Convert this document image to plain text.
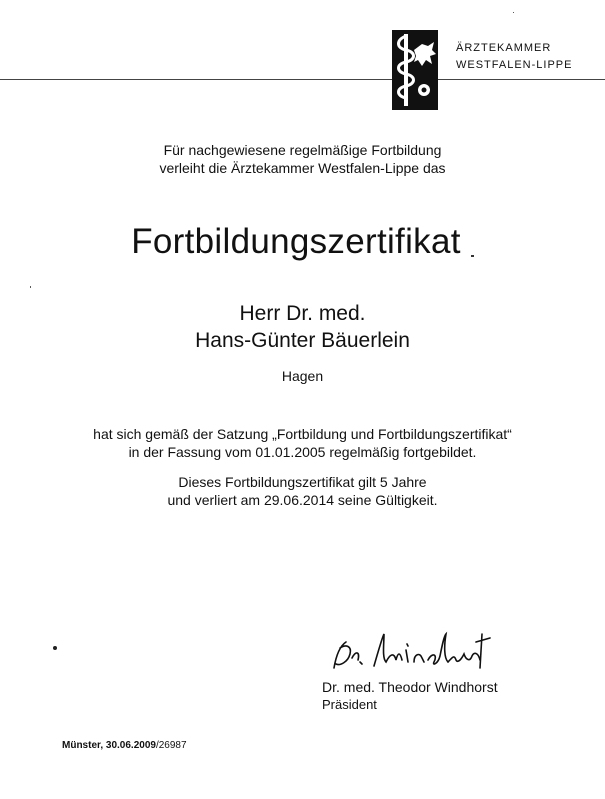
ÄRZTEKAMMER
WESTFALEN-LIPPE
Für nachgewiesene regelmäßige Fortbildung
verleiht die Ärztekammer Westfalen-Lippe das
Fortbildungszertifikat
Herr Dr. med.
Hans-Günter Bäuerlein
Hagen
hat sich gemäß der Satzung „Fortbildung und Fortbildungszertifikat“
in der Fassung vom 01.01.2005 regelmäßig fortgebildet.
Dieses Fortbildungszertifikat gilt 5 Jahre
und verliert am 29.06.2014 seine Gültigkeit.
Dr. med. Theodor Windhorst
Präsident
Münster, 30.06.2009/26987
